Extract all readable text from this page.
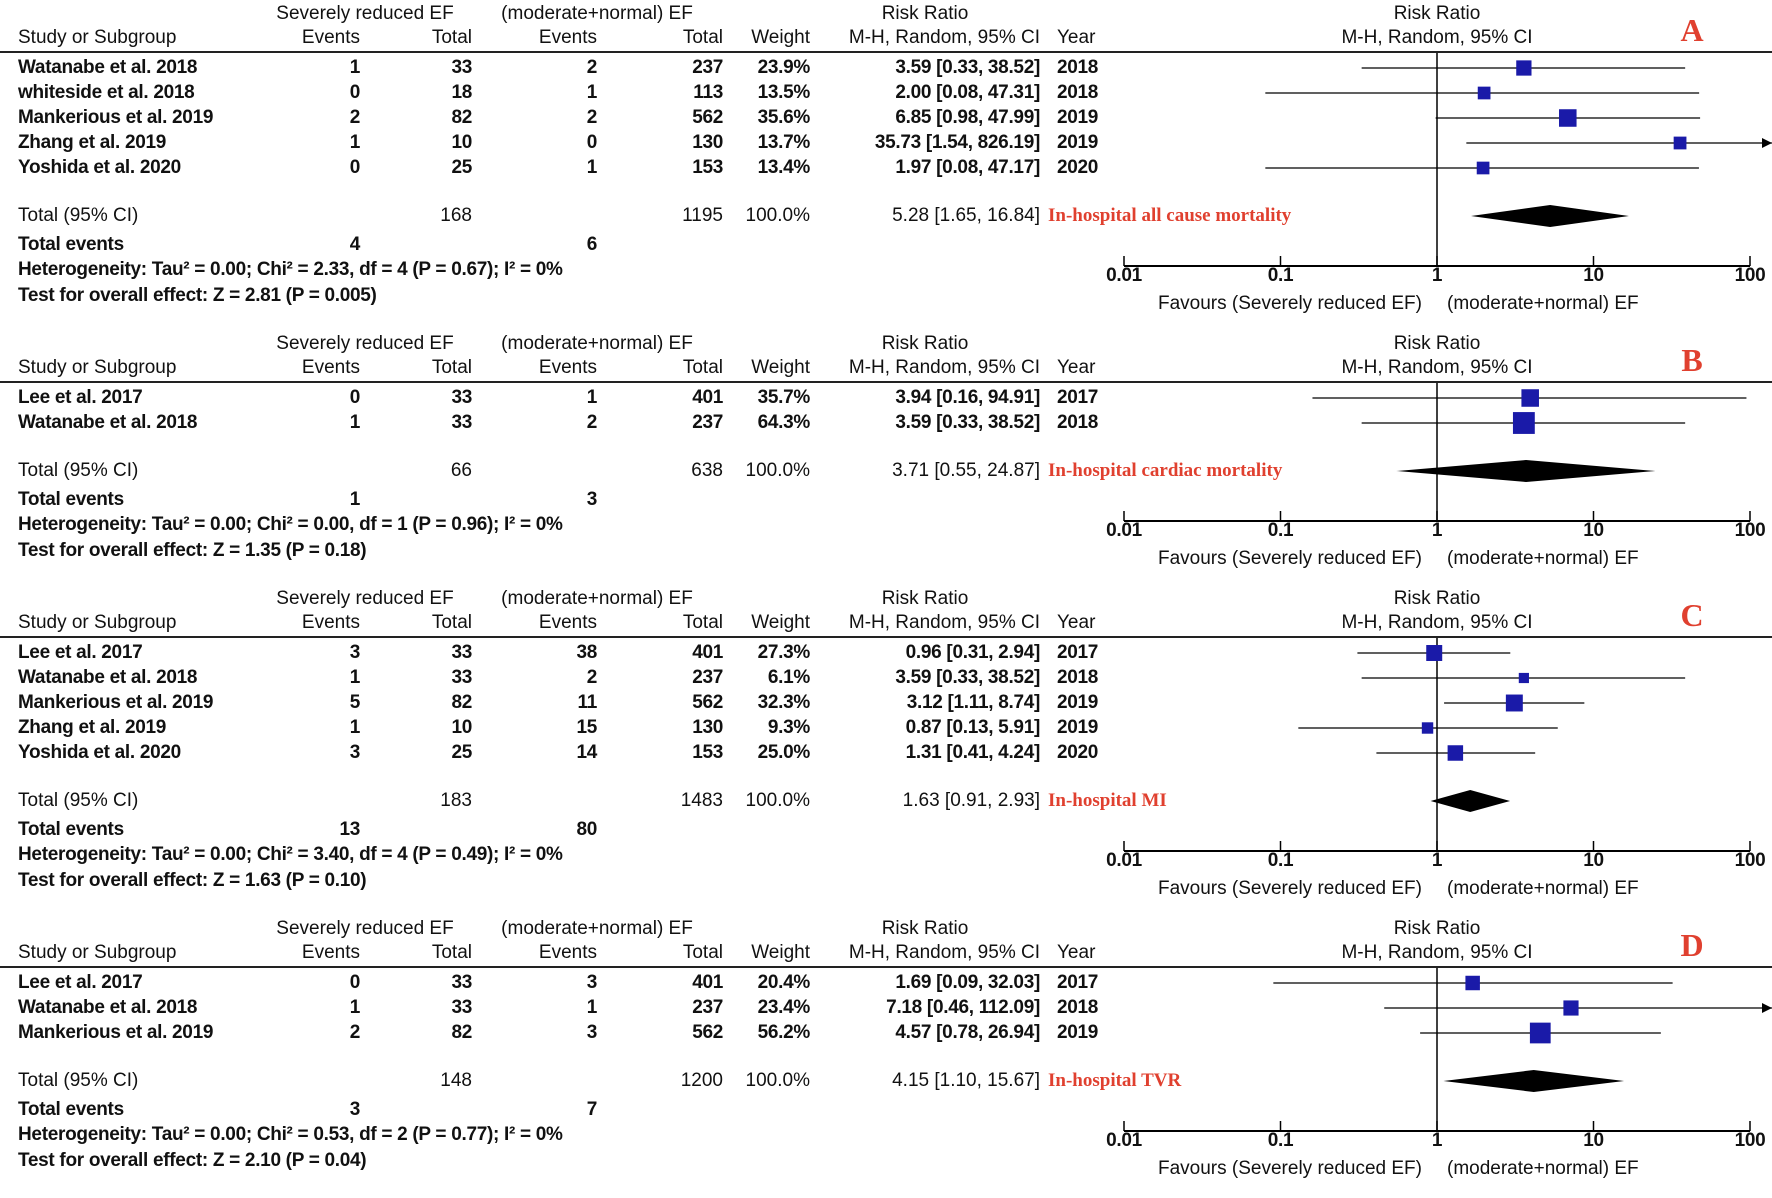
Severely reduced EF	(moderate+normal) EF	Risk Ratio
Study or Subgroup	Events	Total	Events	Total Weight M-H, Random, 95% CI Year
Risk Ratio
M-H, Random, 95% CI	A
Watanabe et al. 2018	1	33	2	237 23.9%	3.59 [0.33, 38.52] 2018
whiteside et al. 2018	0	18	1	113 13.5%	2.00 [0.08, 47.31] 2018
Mankerious et al. 2019	2	82	2	562 35.6%	6.85 [0.98, 47.99] 2019
Zhang et al. 2019	1	10	0	130 13.7%	35.73 [1.54, 826.19] 2019
Yoshida et al. 2020	0	25	1	153 13.4%	1.97 [0.08, 47.17] 2020
Total (95% CI)	168	1195 100.0%	5.28 [1.65, 16.84] In-hospital all cause mortality
Total events	4	6
Heterogeneity: Tau² = 0.00; Chi² = 2.33, df = 4 (P = 0.67); I² = 0%
Test for overall effect: Z = 2.81 (P = 0.005)
0.01	0.1	1	10	100
Favours (Severely reduced EF) (moderate+normal) EF
Severely reduced EF	(moderate+normal) EF	Risk Ratio
Study or Subgroup	Events	Total	Events	Total Weight M-H, Random, 95% CI Year
Risk Ratio
M-H, Random, 95% CI	B
Lee et al. 2017	0	33	1	401 35.7%	3.94 [0.16, 94.91] 2017
Watanabe et al. 2018	1	33	2	237 64.3%	3.59 [0.33, 38.52] 2018
Total (95% CI)	66	638 100.0%	3.71 [0.55, 24.87] In-hospital cardiac mortality
Total events	1	3
Heterogeneity: Tau² = 0.00; Chi² = 0.00, df = 1 (P = 0.96); I² = 0%
Test for overall effect: Z = 1.35 (P = 0.18)
0.01	0.1	1	10	100
Favours (Severely reduced EF) (moderate+normal) EF
Severely reduced EF	(moderate+normal) EF	Risk Ratio
Study or Subgroup	Events	Total	Events	Total Weight M-H, Random, 95% CI Year
Risk Ratio
M-H, Random, 95% CI	C
Lee et al. 2017	3	33	38	401 27.3%	0.96 [0.31, 2.94] 2017
Watanabe et al. 2018	1	33	2	237 6.1%	3.59 [0.33, 38.52] 2018
Mankerious et al. 2019	5	82	11	562 32.3%	3.12 [1.11, 8.74] 2019
Zhang et al. 2019	1	10	15	130 9.3%	0.87 [0.13, 5.91] 2019
Yoshida et al. 2020	3	25	14	153 25.0%	1.31 [0.41, 4.24] 2020
Total (95% CI)	183	1483 100.0%	1.63 [0.91, 2.93] In-hospital MI
Total events	13	80
Heterogeneity: Tau² = 0.00; Chi² = 3.40, df = 4 (P = 0.49); I² = 0%
Test for overall effect: Z = 1.63 (P = 0.10)
0.01	0.1	1	10	100
Favours (Severely reduced EF) (moderate+normal) EF
Severely reduced EF	(moderate+normal) EF	Risk Ratio
Study or Subgroup	Events	Total	Events	Total Weight M-H, Random, 95% CI Year
Risk Ratio
M-H, Random, 95% CI	D
Lee et al. 2017	0	33	3	401 20.4%	1.69 [0.09, 32.03] 2017
Watanabe et al. 2018	1	33	1	237 23.4%	7.18 [0.46, 112.09] 2018
Mankerious et al. 2019	2	82	3	562 56.2%	4.57 [0.78, 26.94] 2019
Total (95% CI)	148	1200 100.0%	4.15 [1.10, 15.67] In-hospital TVR
Total events	3	7
Heterogeneity: Tau² = 0.00; Chi² = 0.53, df = 2 (P = 0.77); I² = 0%
Test for overall effect: Z = 2.10 (P = 0.04)
0.01	0.1	1	10	100
Favours (Severely reduced EF) (moderate+normal) EF
